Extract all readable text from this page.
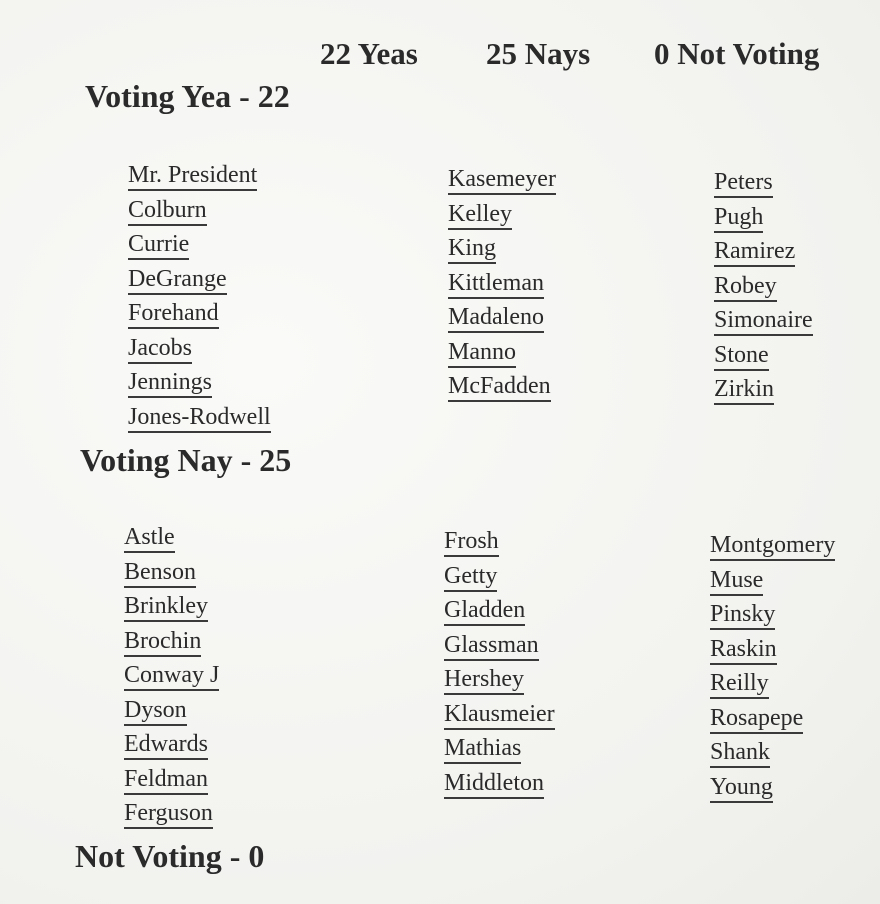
22 Yeas 25 Nays 0 Not Voting
Voting Yea - 22
Mr. President
Colburn
Currie
DeGrange
Forehand
Jacobs
Jennings
Jones-Rodwell
Kasemeyer
Kelley
King
Kittleman
Madaleno
Manno
McFadden
Peters
Pugh
Ramirez
Robey
Simonaire
Stone
Zirkin
Voting Nay - 25
Astle
Benson
Brinkley
Brochin
Conway J
Dyson
Edwards
Feldman
Ferguson
Frosh
Getty
Gladden
Glassman
Hershey
Klausmeier
Mathias
Middleton
Montgomery
Muse
Pinsky
Raskin
Reilly
Rosapepe
Shank
Young
Not Voting - 0
